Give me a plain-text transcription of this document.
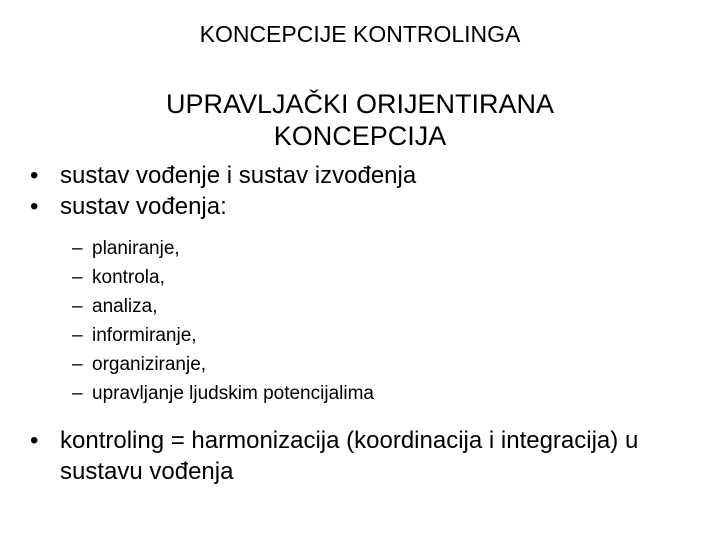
KONCEPCIJE KONTROLINGA
UPRAVLJAČKI ORIJENTIRANA
KONCEPCIJA
• sustav vođenje i sustav izvođenja
• sustav vođenja:
– planiranje,
– kontrola,
– analiza,
– informiranje,
– organiziranje,
– upravljanje ljudskim potencijalima
• kontroling = harmonizacija (koordinacija i integracija) u sustavu vođenja
